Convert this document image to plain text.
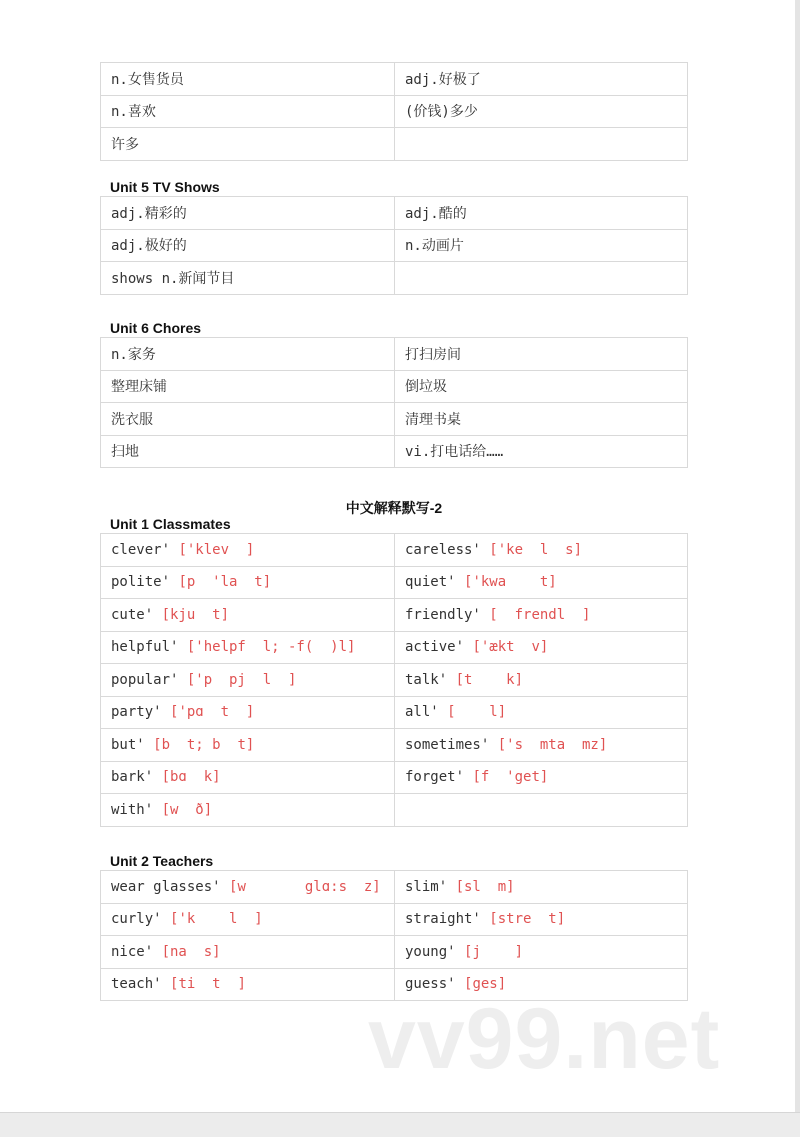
vv99.net
n.女售货员	adj.好极了
n.喜欢	(价钱)多少
许多	
Unit 5 TV Shows
adj.精彩的	adj.酷的
adj.极好的	n.动画片
shows n.新闻节目	
Unit 6 Chores
n.家务	打扫房间
整理床铺	倒垃圾
洗衣服	清理书桌
扫地	vi.打电话给……
中文解释默写-2
Unit 1 Classmates
clever' ['klev  ]	careless' ['ke  l  s]
polite' [p  'la  t]	quiet' ['kwa    t]
cute' [kju  t]	friendly' [  frendl  ]
helpful' ['helpf  l; -f(  )l]	active' ['ækt  v]
popular' ['p  pj  l  ]	talk' [t    k]
party' ['pɑ  t  ]	all' [    l]
but' [b  t; b  t]	sometimes' ['s  mta  mz]
bark' [bɑ  k]	forget' [f  'get]
with' [w  ð]	
Unit 2 Teachers
wear glasses' [w       glɑ:s  z]	slim' [sl  m]
curly' ['k    l  ]	straight' [stre  t]
nice' [na  s]	young' [j    ]
teach' [ti  t  ]	guess' [ges]
